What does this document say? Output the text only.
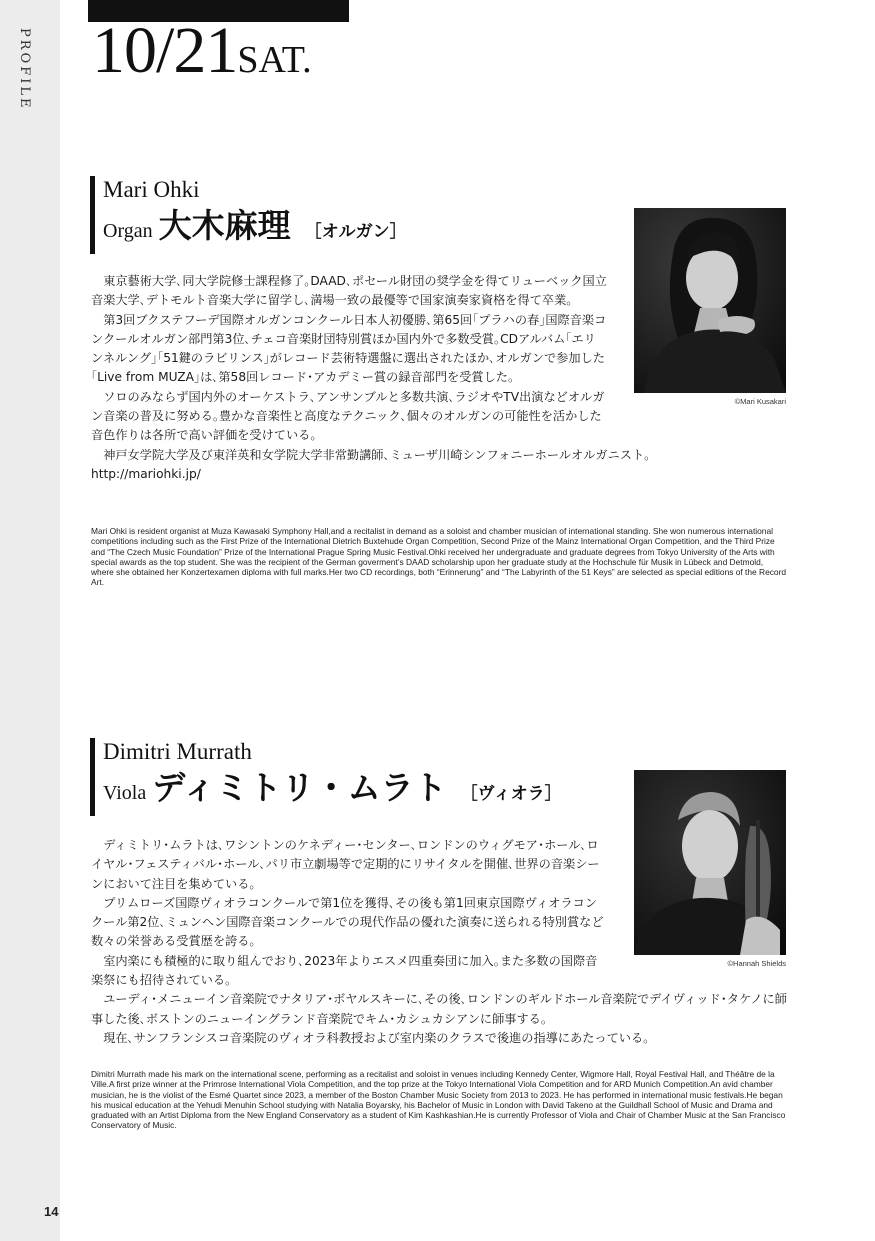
PROFILE
14
10/21SAT.
Mari Ohki
Organ 大木麻理 ［オルガン］
©Mari Kusakari

東京藝術大学､同大学院修士課程修了｡DAAD､ポセール財団の奨学金を得てリューベック国立音楽大学､デトモルト音楽大学に留学し､満場一致の最優等で国家演奏家資格を得て卒業｡

第3回ブクステフーデ国際オルガンコンクール日本人初優勝､第65回｢プラハの春｣国際音楽コンクールオルガン部門第3位､チェコ音楽財団特別賞ほか国内外で多数受賞｡CDアルバム｢エリンネルング｣｢51鍵のラビリンス｣がレコード芸術特選盤に選出されたほか､オルガンで参加した｢Live from MUZA｣は､第58回レコード･アカデミー賞の録音部門を受賞した｡

ソロのみならず国内外のオーケストラ､アンサンブルと多数共演､ラジオやTV出演などオルガン音楽の普及に努める｡豊かな音楽性と高度なテクニック､個々のオルガンの可能性を活かした音色作りは各所で高い評価を受けている｡

神戸女学院大学及び東洋英和女学院大学非常勤講師､ミューザ川崎シンフォニーホールオルガニスト｡

http://mariohki.jp/

Mari Ohki is resident organist at Muza Kawasaki Symphony Hall,and a recitalist in demand as a soloist and chamber musician of international standing. She won numerous international competitions including such as the First Prize of the International Dietrich Buxtehude Organ Competition, Second Prize of the Mainz International Organ Competition, and the Third Prize and “The Czech Music Foundation” Prize of the International Prague Spring Music Festival.Ohki received her undergraduate and graduate degrees from Tokyo University of the Arts with special awards as the top student. She was the recipient of the German goverment’s DAAD scholarship upon her graduate study at the Hochschule für Musik in Lübeck and Detmold, where she obtained her Konzertexamen diploma with full marks.Her two CD recordings, both “Erinnerung” and “The Labyrinth of the 51 Keys” are selected as special editions of the Record Art.

Dimitri Murrath
Viola ディミトリ・ムラト ［ヴィオラ］
©Hannah Shields

ディミトリ･ムラトは､ワシントンのケネディー･センター､ロンドンのウィグモア･ホール､ロイヤル･フェスティバル･ホール､パリ市立劇場等で定期的にリサイタルを開催､世界の音楽シーンにおいて注目を集めている｡

プリムローズ国際ヴィオラコンクールで第1位を獲得､その後も第1回東京国際ヴィオラコンクール第2位､ミュンヘン国際音楽コンクールでの現代作品の優れた演奏に送られる特別賞など数々の栄誉ある受賞歴を誇る｡

室内楽にも積極的に取り組んでおり､2023年よりエスメ四重奏団に加入｡また多数の国際音楽祭にも招待されている｡

ユーディ･メニューイン音楽院でナタリア･ボヤルスキーに､その後､ロンドンのギルドホール音楽院でデイヴィッド･タケノに師事した後､ボストンのニューイングランド音楽院でキム･カシュカシアンに師事する｡

現在､サンフランシスコ音楽院のヴィオラ科教授および室内楽のクラスで後進の指導にあたっている｡

Dimitri Murrath made his mark on the international scene, performing as a recitalist and soloist in venues including Kennedy Center, Wigmore Hall, Royal Festival Hall, and Théâtre de la Ville.A first prize winner at the Primrose International Viola Competition, and the top prize at the Tokyo International Viola Competition and for ARD Munich Competition.An avid chamber musician, he is the violist of the Esmé Quartet since 2023, a member of the Boston Chamber Music Society from 2013 to 2023. He has performed in international music festivals.He began his musical education at the Yehudi Menuhin School studying with Natalia Boyarsky, his Bachelor of Music in London with David Takeno at the Guildhall School of Music and Drama and graduated with an Artist Diploma from the New England Conservatory as a student of Kim Kashkashian.He is currently Professor of Viola and Chair of Chamber Music at the San Francisco Conservatory of Music.
